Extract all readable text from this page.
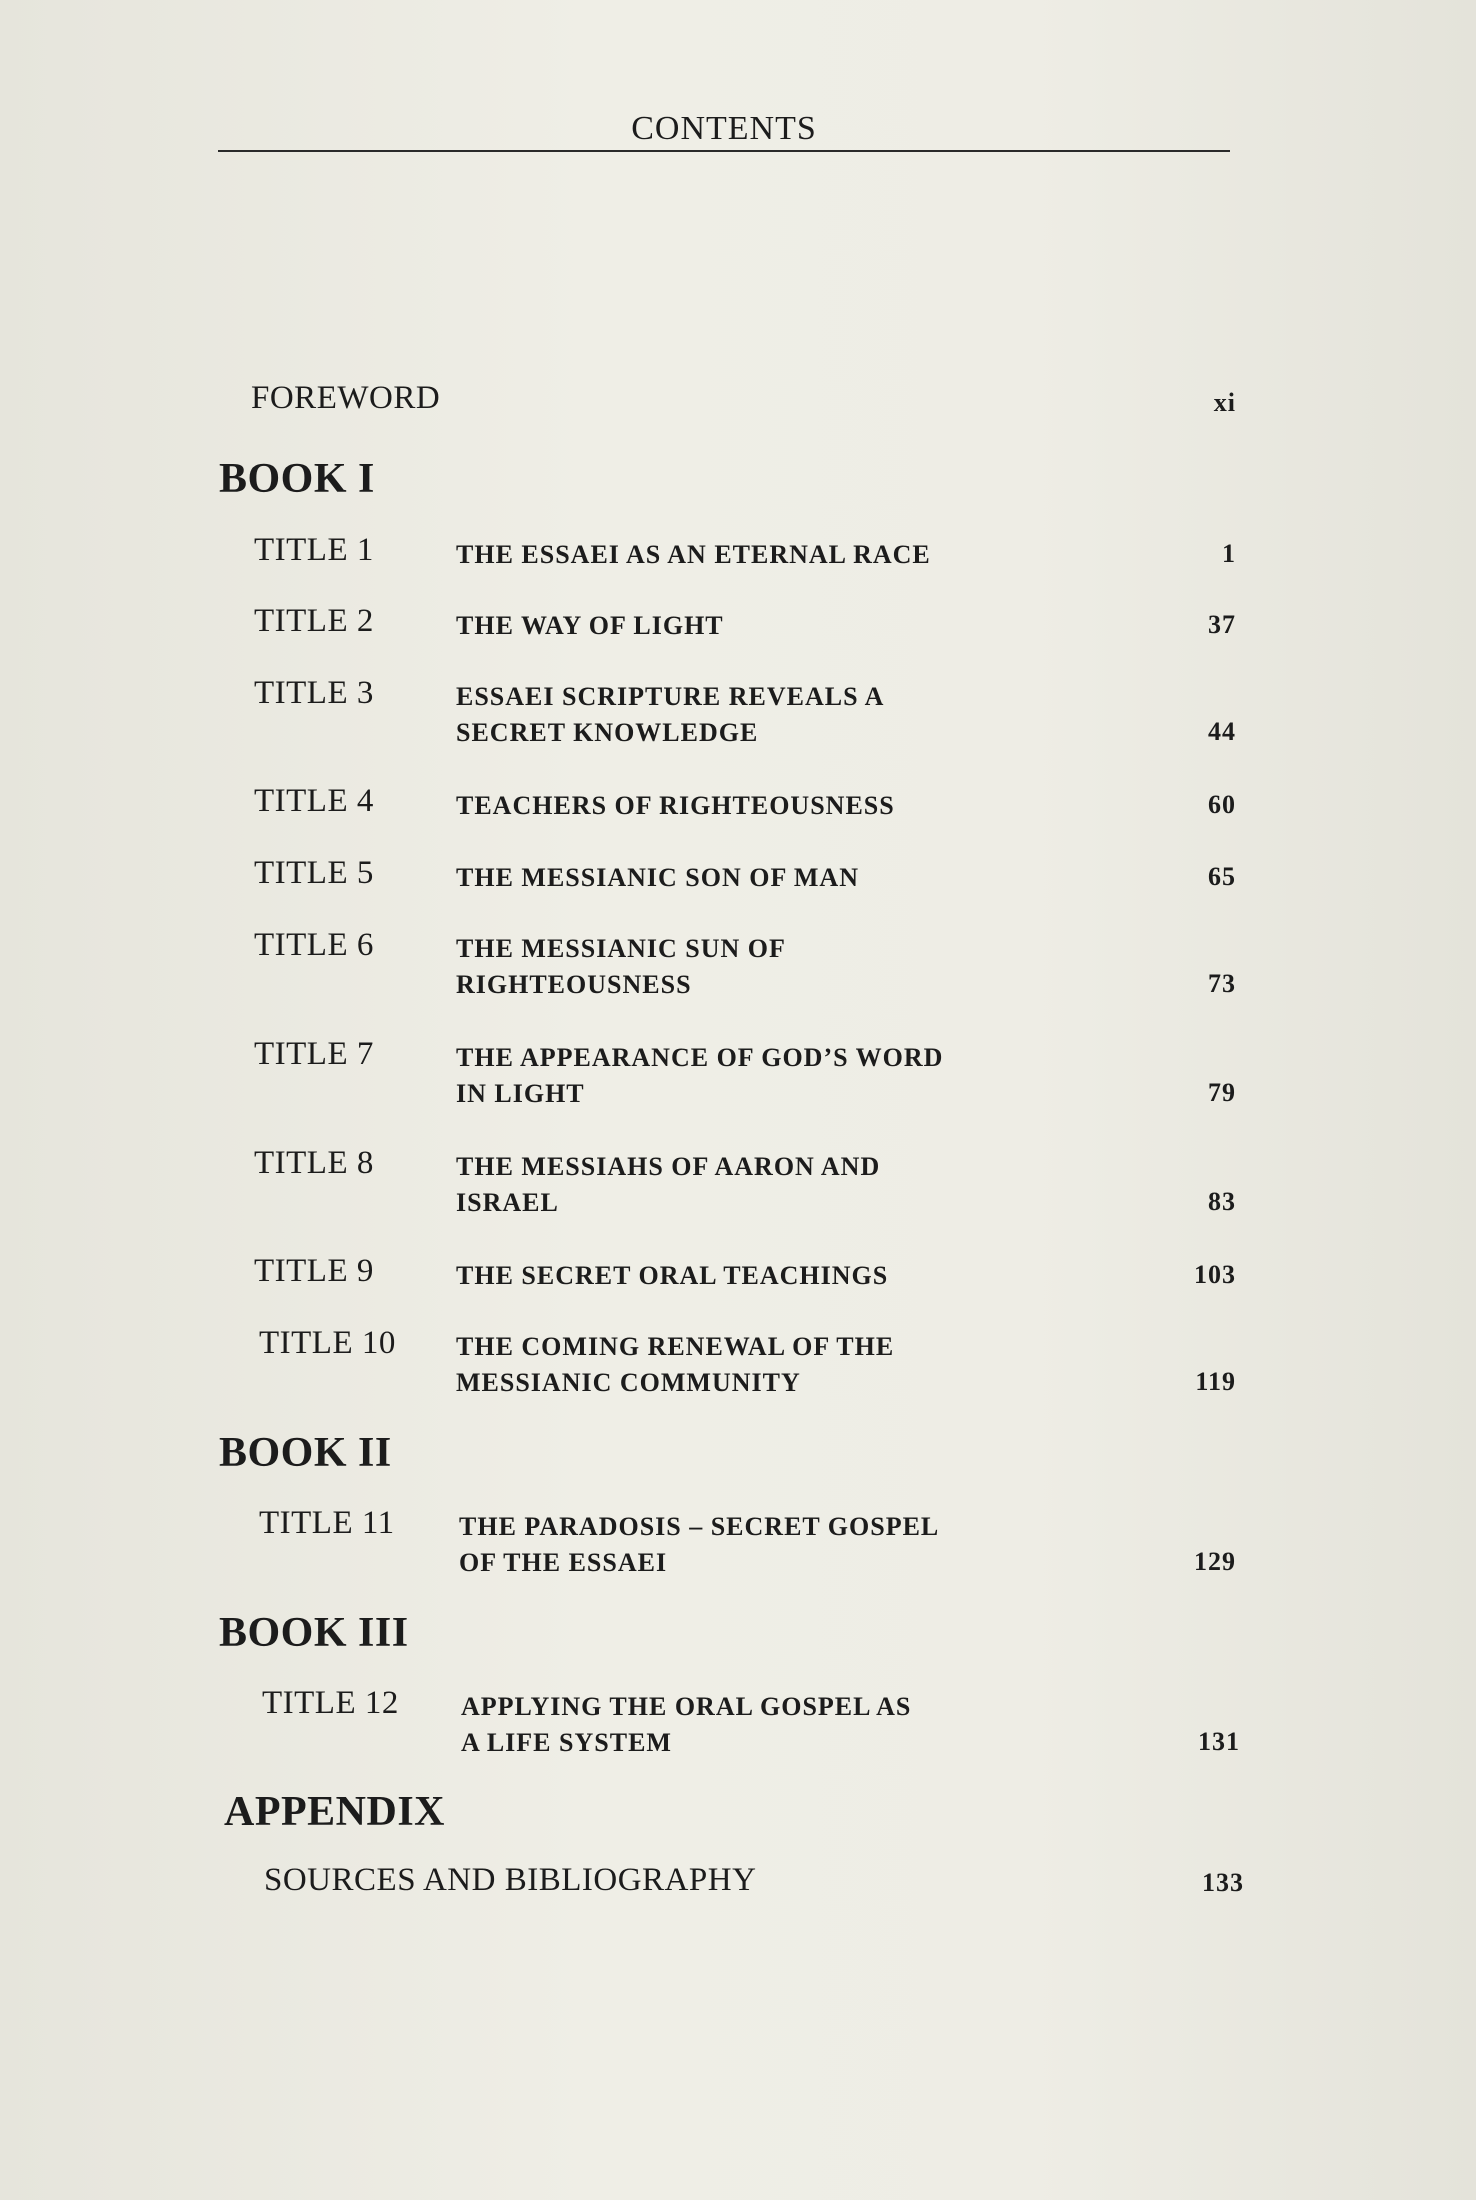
CONTENTS
FOREWORD	xi
BOOK I
TITLE 1	THE ESSAEI AS AN ETERNAL RACE	1
TITLE 2	THE WAY OF LIGHT	37
TITLE 3	ESSAEI SCRIPTURE REVEALS A
SECRET KNOWLEDGE	44
TITLE 4	TEACHERS OF RIGHTEOUSNESS	60
TITLE 5	THE MESSIANIC SON OF MAN	65
TITLE 6	THE MESSIANIC SUN OF
RIGHTEOUSNESS	73
TITLE 7	THE APPEARANCE OF GOD’S WORD
IN LIGHT	79
TITLE 8	THE MESSIAHS OF AARON AND
ISRAEL	83
TITLE 9	THE SECRET ORAL TEACHINGS	103
TITLE 10 THE COMING RENEWAL OF THE
MESSIANIC COMMUNITY	119
BOOK II
TITLE 11 THE PARADOSIS – SECRET GOSPEL
OF THE ESSAEI	129
BOOK III
TITLE 12 APPLYING THE ORAL GOSPEL AS
A LIFE SYSTEM	131
APPENDIX
SOURCES AND BIBLIOGRAPHY	133
